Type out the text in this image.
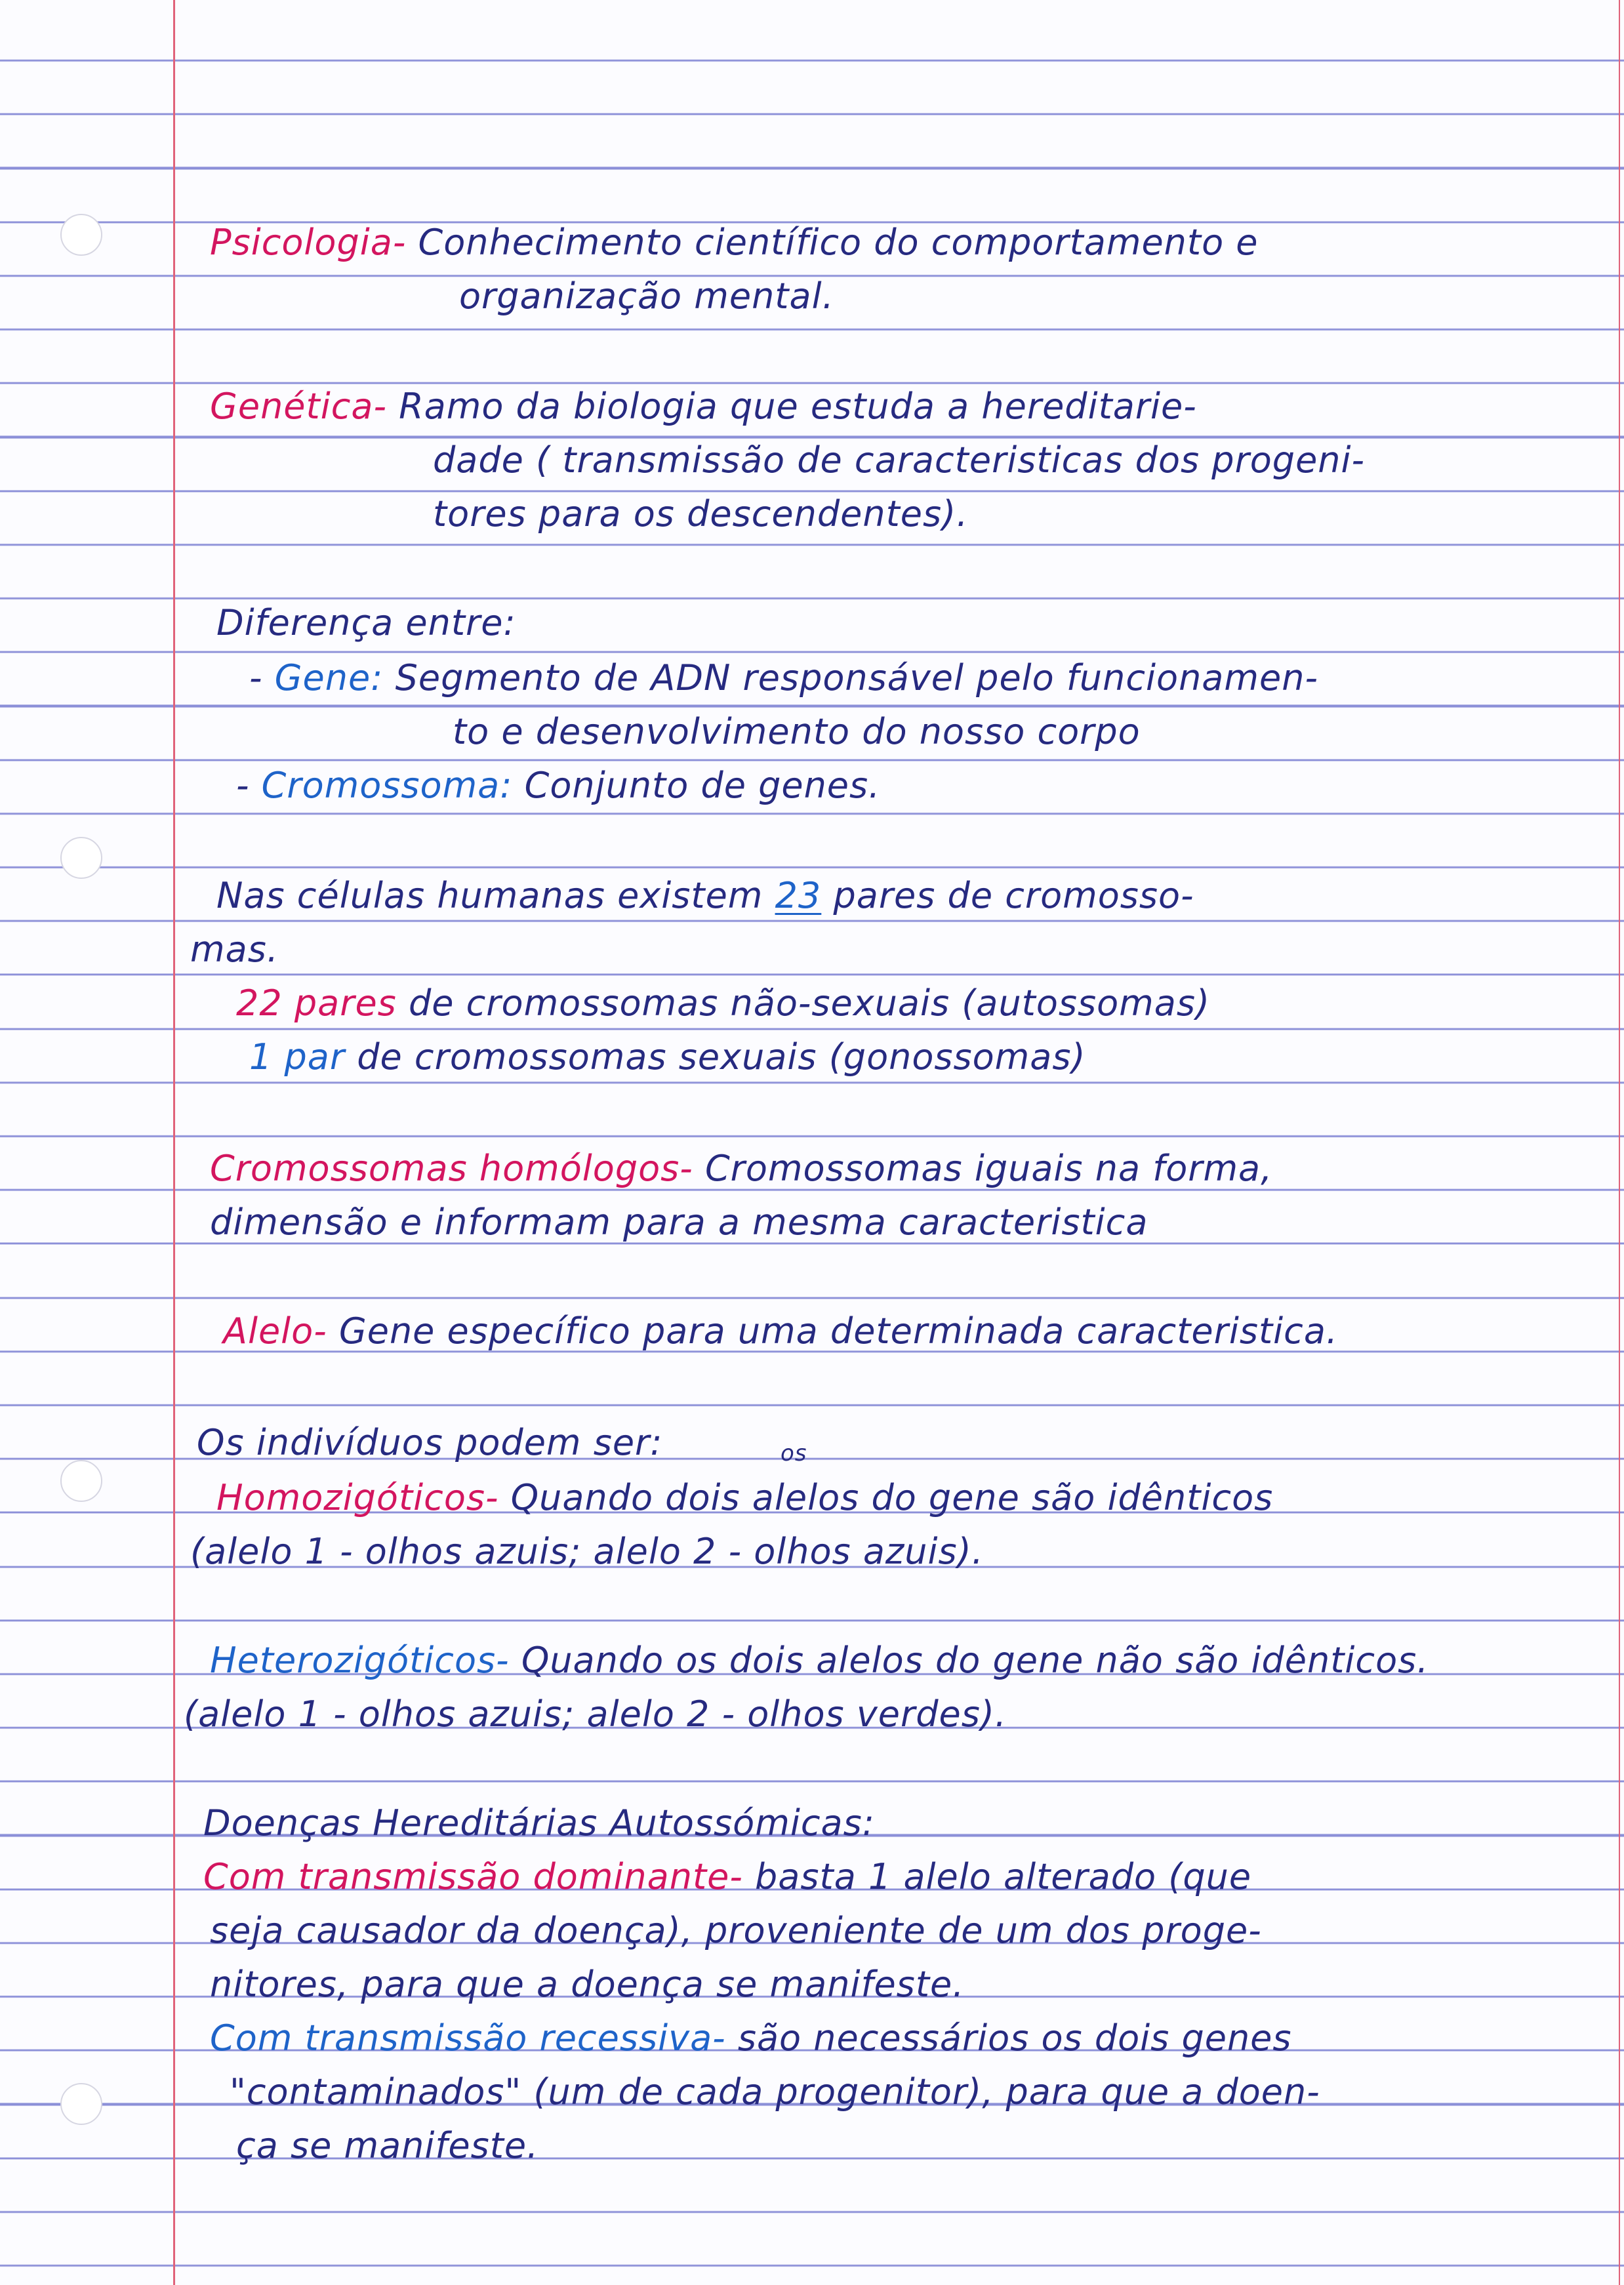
Psicologia- Conhecimento científico do comportamento e
organização mental.
Genética- Ramo da biologia que estuda a hereditarie-
dade ( transmissão de caracteristicas dos progeni-
tores para os descendentes).
Diferença entre:
- Gene: Segmento de ADN responsável pelo funcionamen-
to e desenvolvimento do nosso corpo
- Cromossoma: Conjunto de genes.
Nas células humanas existem 23 pares de cromosso-
mas.
22 pares de cromossomas não-sexuais (autossomas)
1 par de cromossomas sexuais (gonossomas)
Cromossomas homólogos- Cromossomas iguais na forma,
dimensão e informam para a mesma caracteristica
Alelo- Gene específico para uma determinada caracteristica.
Os indivíduos podem ser:	os
Homozigóticos- Quando dois alelos do gene são idênticos
(alelo 1 - olhos azuis; alelo 2 - olhos azuis).
Heterozigóticos- Quando os dois alelos do gene não são idênticos.
(alelo 1 - olhos azuis; alelo 2 - olhos verdes).
Doenças Hereditárias Autossómicas:
Com transmissão dominante- basta 1 alelo alterado (que
seja causador da doença), proveniente de um dos proge-
nitores, para que a doença se manifeste.
Com transmissão recessiva- são necessários os dois genes
"contaminados" (um de cada progenitor), para que a doen-
ça se manifeste.
